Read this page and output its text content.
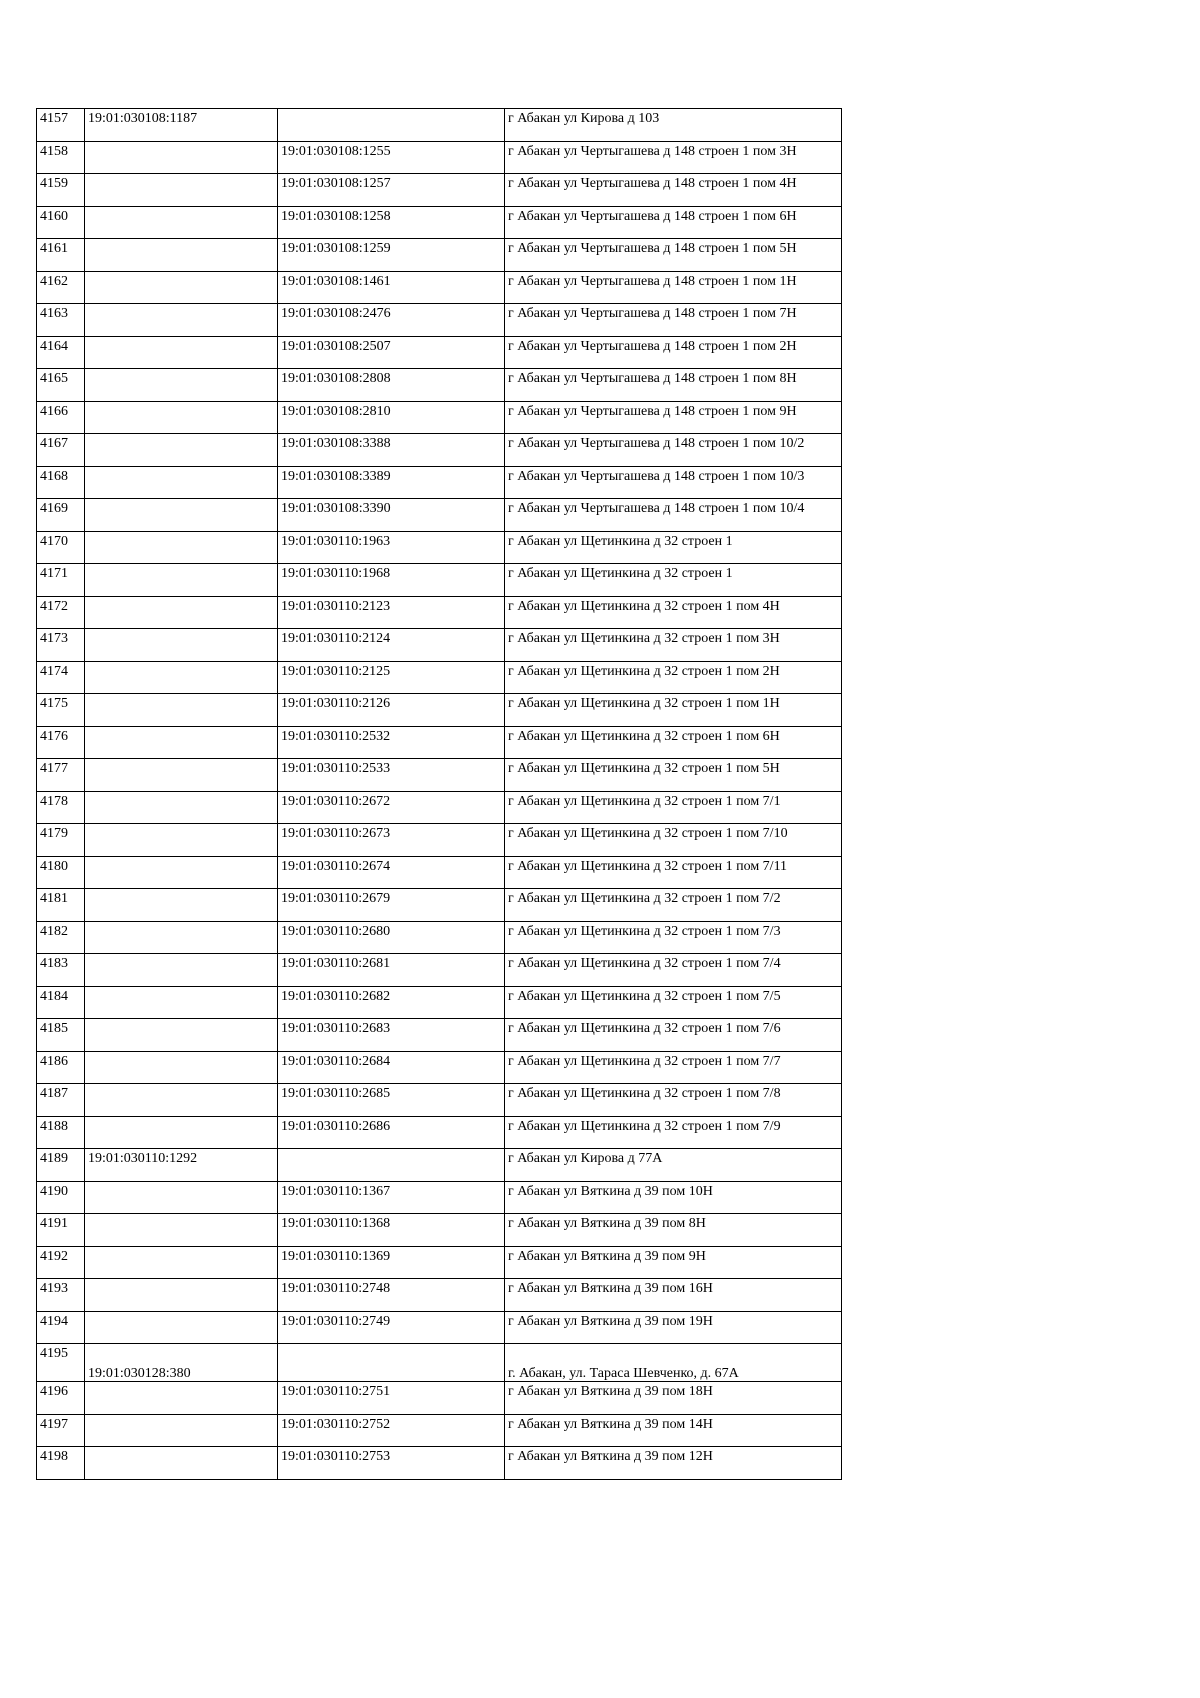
4157	19:01:030108:1187		г Абакан ул Кирова д 103
4158		19:01:030108:1255	г Абакан ул Чертыгашева д 148 строен 1 пом 3Н
4159		19:01:030108:1257	г Абакан ул Чертыгашева д 148 строен 1 пом 4Н
4160		19:01:030108:1258	г Абакан ул Чертыгашева д 148 строен 1 пом 6Н
4161		19:01:030108:1259	г Абакан ул Чертыгашева д 148 строен 1 пом 5Н
4162		19:01:030108:1461	г Абакан ул Чертыгашева д 148 строен 1 пом 1Н
4163		19:01:030108:2476	г Абакан ул Чертыгашева д 148 строен 1 пом 7Н
4164		19:01:030108:2507	г Абакан ул Чертыгашева д 148 строен 1 пом 2Н
4165		19:01:030108:2808	г Абакан ул Чертыгашева д 148 строен 1 пом 8Н
4166		19:01:030108:2810	г Абакан ул Чертыгашева д 148 строен 1 пом 9Н
4167		19:01:030108:3388	г Абакан ул Чертыгашева д 148 строен 1 пом 10/2
4168		19:01:030108:3389	г Абакан ул Чертыгашева д 148 строен 1 пом 10/3
4169		19:01:030108:3390	г Абакан ул Чертыгашева д 148 строен 1 пом 10/4
4170		19:01:030110:1963	г Абакан ул Щетинкина д 32 строен 1
4171		19:01:030110:1968	г Абакан ул Щетинкина д 32 строен 1
4172		19:01:030110:2123	г Абакан ул Щетинкина д 32 строен 1 пом 4Н
4173		19:01:030110:2124	г Абакан ул Щетинкина д 32 строен 1 пом 3Н
4174		19:01:030110:2125	г Абакан ул Щетинкина д 32 строен 1 пом 2Н
4175		19:01:030110:2126	г Абакан ул Щетинкина д 32 строен 1 пом 1Н
4176		19:01:030110:2532	г Абакан ул Щетинкина д 32 строен 1 пом 6Н
4177		19:01:030110:2533	г Абакан ул Щетинкина д 32 строен 1 пом 5Н
4178		19:01:030110:2672	г Абакан ул Щетинкина д 32 строен 1 пом 7/1
4179		19:01:030110:2673	г Абакан ул Щетинкина д 32 строен 1 пом 7/10
4180		19:01:030110:2674	г Абакан ул Щетинкина д 32 строен 1 пом 7/11
4181		19:01:030110:2679	г Абакан ул Щетинкина д 32 строен 1 пом 7/2
4182		19:01:030110:2680	г Абакан ул Щетинкина д 32 строен 1 пом 7/3
4183		19:01:030110:2681	г Абакан ул Щетинкина д 32 строен 1 пом 7/4
4184		19:01:030110:2682	г Абакан ул Щетинкина д 32 строен 1 пом 7/5
4185		19:01:030110:2683	г Абакан ул Щетинкина д 32 строен 1 пом 7/6
4186		19:01:030110:2684	г Абакан ул Щетинкина д 32 строен 1 пом 7/7
4187		19:01:030110:2685	г Абакан ул Щетинкина д 32 строен 1 пом 7/8
4188		19:01:030110:2686	г Абакан ул Щетинкина д 32 строен 1 пом 7/9
4189	19:01:030110:1292		г Абакан ул Кирова д 77А
4190		19:01:030110:1367	г Абакан ул Вяткина д 39 пом 10Н
4191		19:01:030110:1368	г Абакан ул Вяткина д 39 пом 8Н
4192		19:01:030110:1369	г Абакан ул Вяткина д 39 пом 9Н
4193		19:01:030110:2748	г Абакан ул Вяткина д 39 пом 16Н
4194		19:01:030110:2749	г Абакан ул Вяткина д 39 пом 19Н
4195	19:01:030128:380		г. Абакан, ул. Тараса Шевченко, д. 67А
4196		19:01:030110:2751	г Абакан ул Вяткина д 39 пом 18Н
4197		19:01:030110:2752	г Абакан ул Вяткина д 39 пом 14Н
4198		19:01:030110:2753	г Абакан ул Вяткина д 39 пом 12Н
